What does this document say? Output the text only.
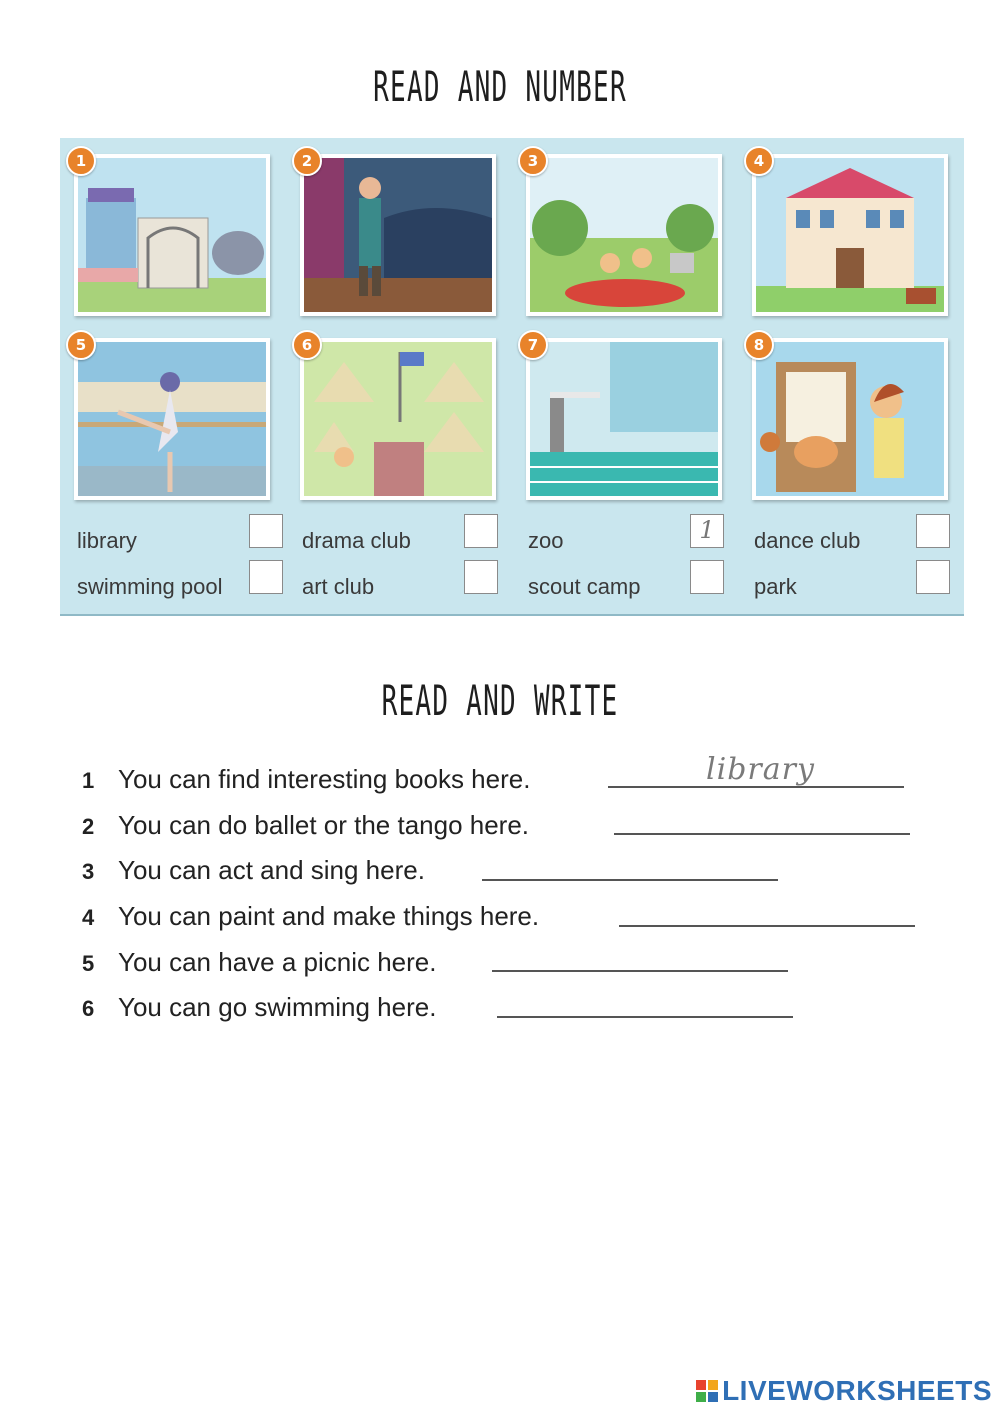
READ AND NUMBER
1	2	3	4
5	6	7	8
library	drama club	zoo	1	dance club
swimming pool	art club	scout camp	park
READ AND WRITE
1 You can find interesting books here.	library
2 You can do ballet or the tango here.
3 You can act and sing here.
4 You can paint and make things here.
5 You can have a picnic here.
6 You can go swimming here.
LIVEWORKSHEETS
